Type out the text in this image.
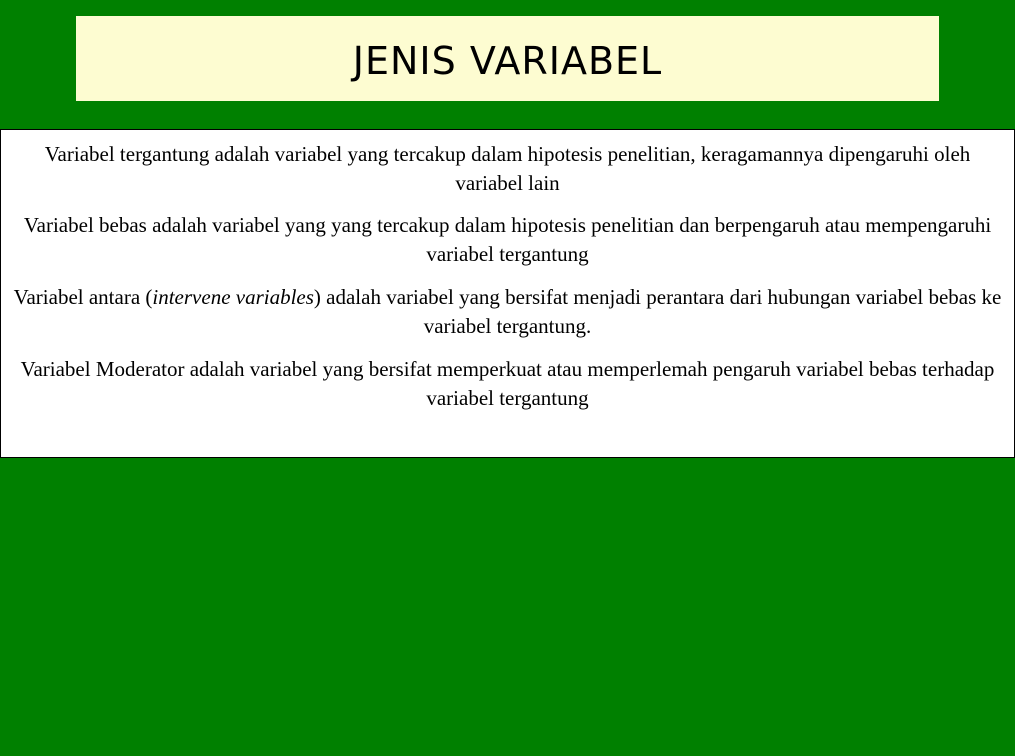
JENIS VARIABEL
Variabel tergantung adalah variabel yang tercakup dalam hipotesis penelitian, keragamannya dipengaruhi oleh variabel lain
Variabel bebas adalah variabel yang yang tercakup dalam hipotesis penelitian dan berpengaruh atau mempengaruhi variabel tergantung
Variabel antara (intervene variables) adalah variabel yang bersifat menjadi perantara dari hubungan variabel bebas ke variabel tergantung.
Variabel Moderator adalah variabel yang bersifat memperkuat atau memperlemah pengaruh variabel bebas terhadap variabel tergantung
